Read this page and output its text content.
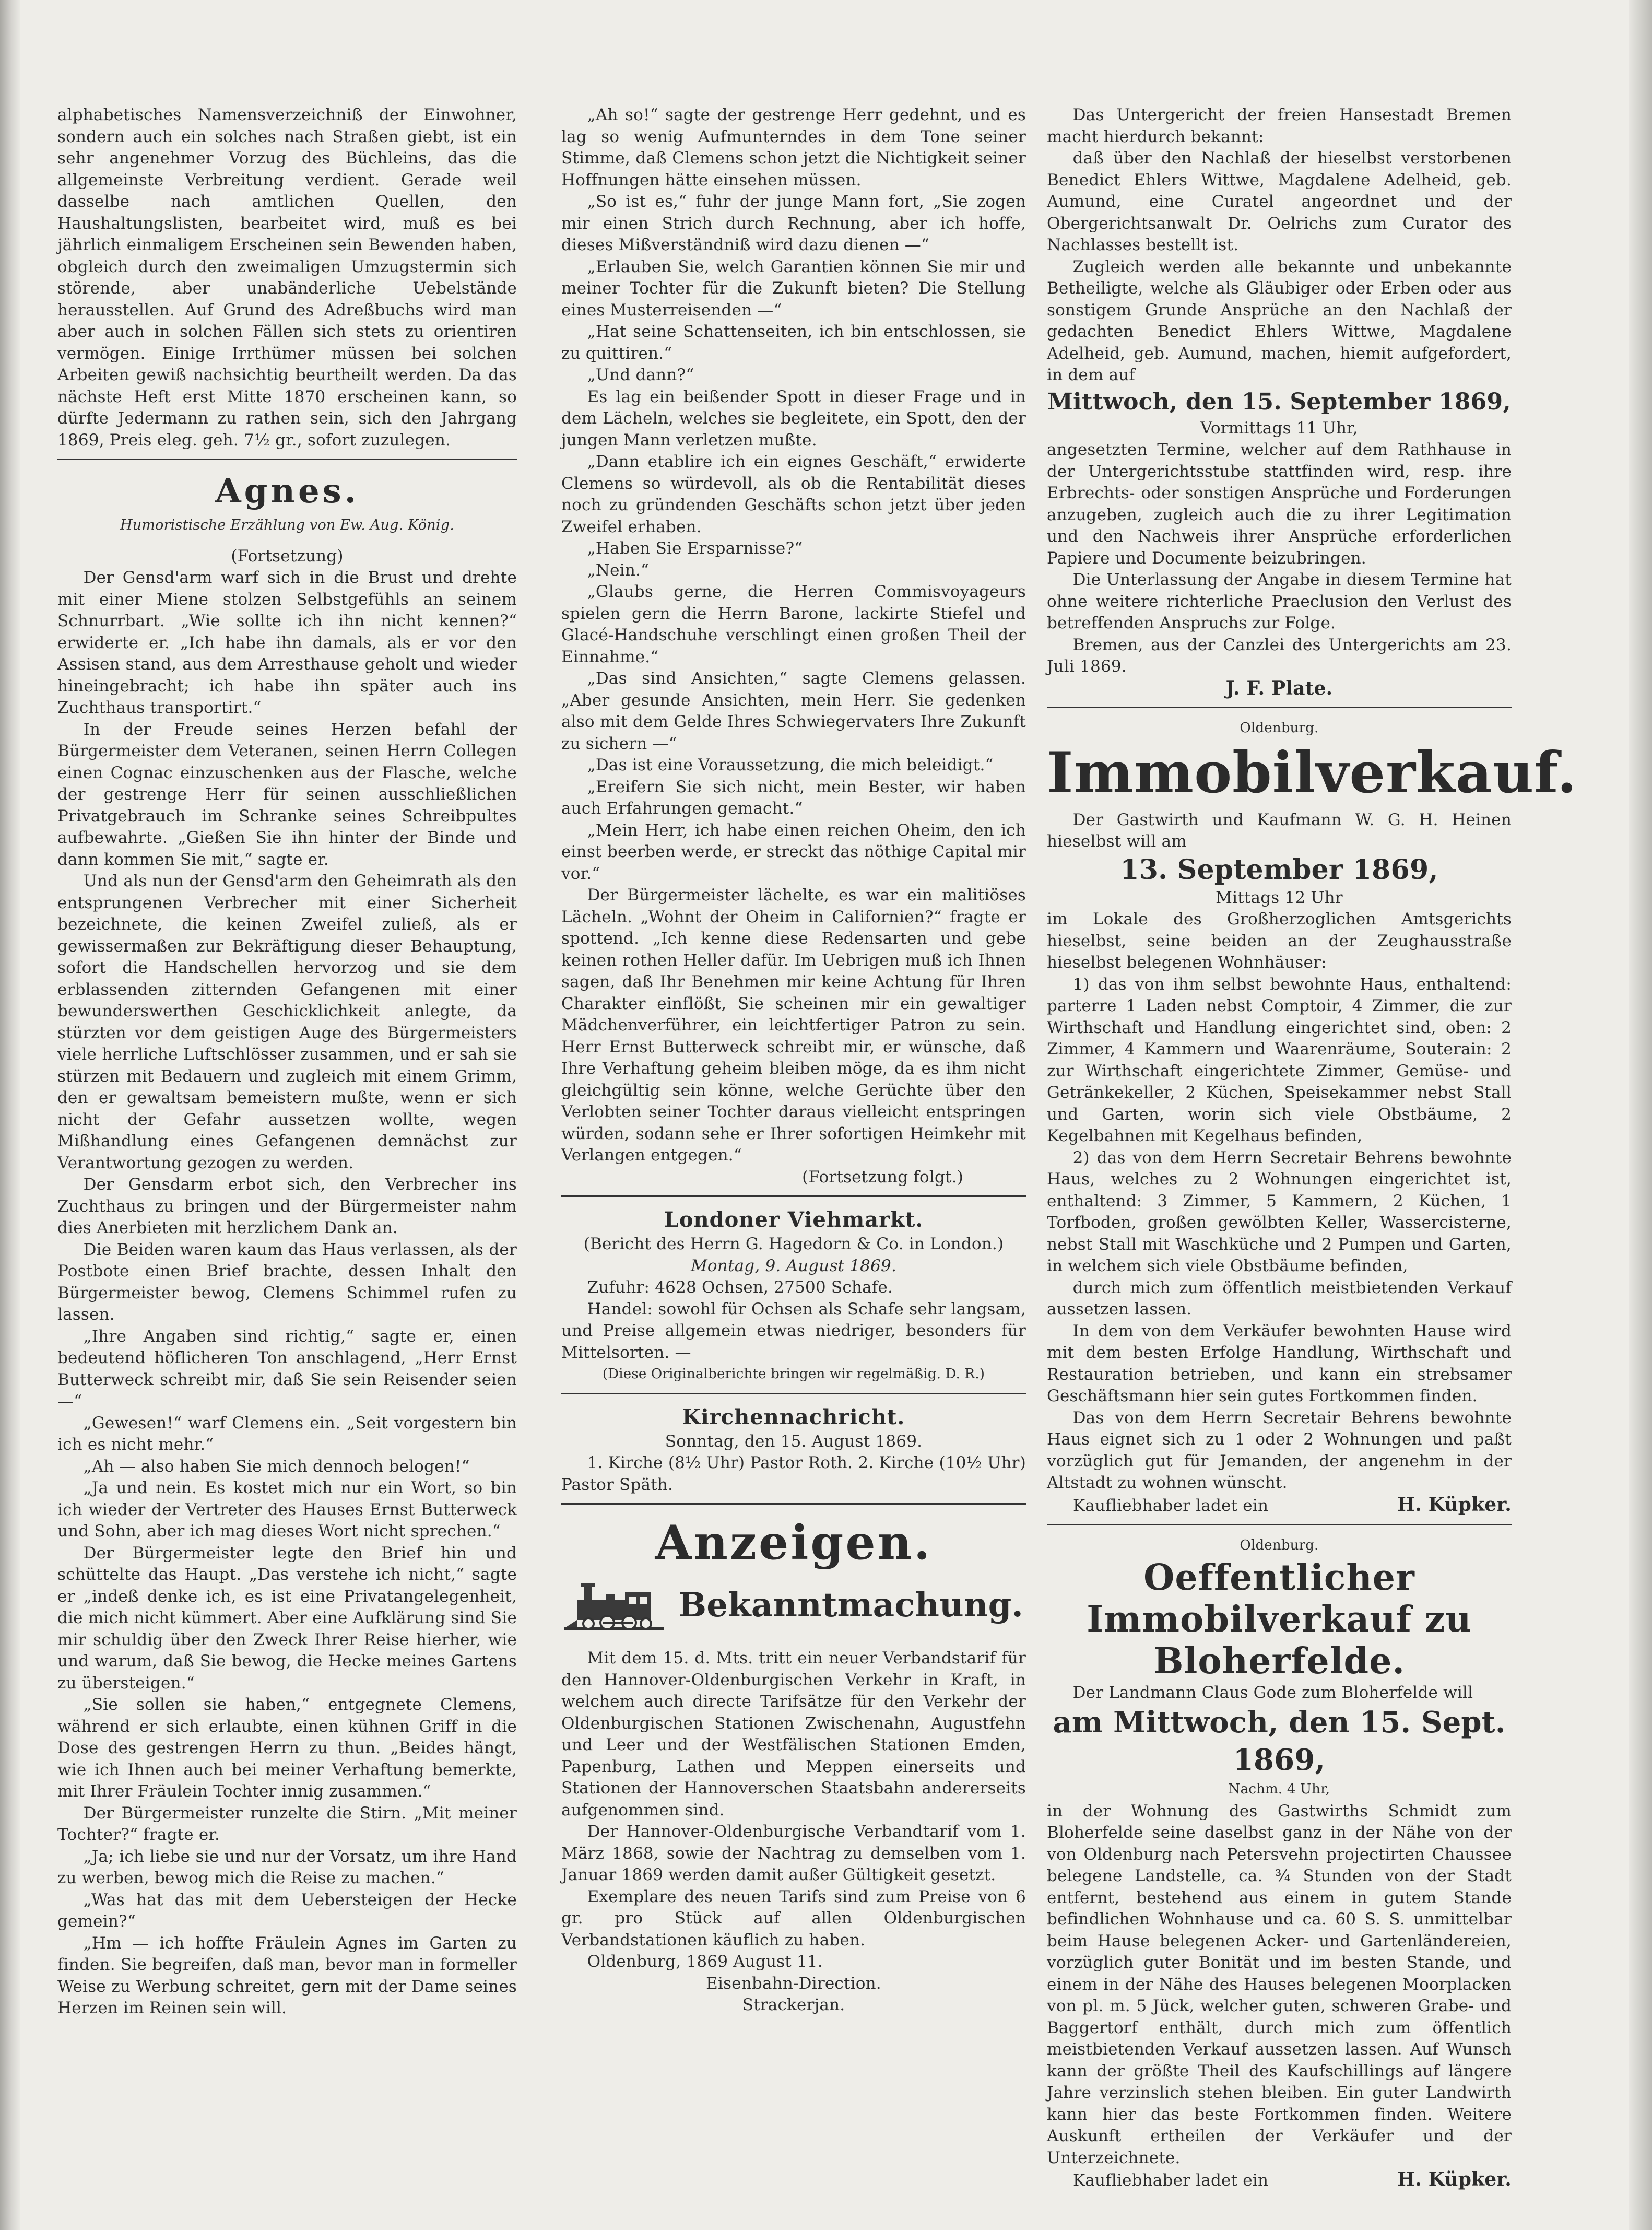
alphabetisches Namensverzeichniß der Einwohner, sondern auch ein solches nach Straßen giebt, ist ein sehr angenehmer Vorzug des Büchleins, das die allgemeinste Verbreitung verdient. Gerade weil dasselbe nach amtlichen Quellen, den Haushaltungslisten, bearbeitet wird, muß es bei jährlich einmaligem Erscheinen sein Bewenden haben, obgleich durch den zweimaligen Umzugstermin sich störende, aber unabänderliche Uebelstände herausstellen. Auf Grund des Adreßbuchs wird man aber auch in solchen Fällen sich stets zu orientiren vermögen. Einige Irrthümer müssen bei solchen Arbeiten gewiß nachsichtig beurtheilt werden. Da das nächste Heft erst Mitte 1870 erscheinen kann, so dürfte Jedermann zu rathen sein, sich den Jahrgang 1869, Preis eleg. geh. 7½ gr., sofort zuzulegen.

Agnes.
Humoristische Erzählung von Ew. Aug. König.
(Fortsetzung)

Der Gensd'arm warf sich in die Brust und drehte mit einer Miene stolzen Selbstgefühls an seinem Schnurrbart. „Wie sollte ich ihn nicht kennen?“ erwiderte er. „Ich habe ihn damals, als er vor den Assisen stand, aus dem Arresthause geholt und wieder hineingebracht; ich habe ihn später auch ins Zuchthaus transportirt.“

In der Freude seines Herzen befahl der Bürgermeister dem Veteranen, seinen Herrn Collegen einen Cognac einzuschenken aus der Flasche, welche der gestrenge Herr für seinen ausschließlichen Privatgebrauch im Schranke seines Schreibpultes aufbewahrte. „Gießen Sie ihn hinter der Binde und dann kommen Sie mit,“ sagte er.

Und als nun der Gensd'arm den Geheimrath als den entsprungenen Verbrecher mit einer Sicherheit bezeichnete, die keinen Zweifel zuließ, als er gewissermaßen zur Bekräftigung dieser Behauptung, sofort die Handschellen hervorzog und sie dem erblassenden zitternden Gefangenen mit einer bewunderswerthen Geschicklichkeit anlegte, da stürzten vor dem geistigen Auge des Bürgermeisters viele herrliche Luftschlösser zusammen, und er sah sie stürzen mit Bedauern und zugleich mit einem Grimm, den er gewaltsam bemeistern mußte, wenn er sich nicht der Gefahr aussetzen wollte, wegen Mißhandlung eines Gefangenen demnächst zur Verantwortung gezogen zu werden.

Der Gensdarm erbot sich, den Verbrecher ins Zuchthaus zu bringen und der Bürgermeister nahm dies Anerbieten mit herzlichem Dank an.

Die Beiden waren kaum das Haus verlassen, als der Postbote einen Brief brachte, dessen Inhalt den Bürgermeister bewog, Clemens Schimmel rufen zu lassen.

„Ihre Angaben sind richtig,“ sagte er, einen bedeutend höflicheren Ton anschlagend, „Herr Ernst Butterweck schreibt mir, daß Sie sein Reisender seien —“

„Gewesen!“ warf Clemens ein. „Seit vorgestern bin ich es nicht mehr.“

„Ah — also haben Sie mich dennoch belogen!“

„Ja und nein. Es kostet mich nur ein Wort, so bin ich wieder der Vertreter des Hauses Ernst Butterweck und Sohn, aber ich mag dieses Wort nicht sprechen.“

Der Bürgermeister legte den Brief hin und schüttelte das Haupt. „Das verstehe ich nicht,“ sagte er „indeß denke ich, es ist eine Privatangelegenheit, die mich nicht kümmert. Aber eine Aufklärung sind Sie mir schuldig über den Zweck Ihrer Reise hierher, wie und warum, daß Sie bewog, die Hecke meines Gartens zu übersteigen.“

„Sie sollen sie haben,“ entgegnete Clemens, während er sich erlaubte, einen kühnen Griff in die Dose des gestrengen Herrn zu thun. „Beides hängt, wie ich Ihnen auch bei meiner Verhaftung bemerkte, mit Ihrer Fräulein Tochter innig zusammen.“

Der Bürgermeister runzelte die Stirn. „Mit meiner Tochter?“ fragte er.

„Ja; ich liebe sie und nur der Vorsatz, um ihre Hand zu werben, bewog mich die Reise zu machen.“

„Was hat das mit dem Uebersteigen der Hecke gemein?“

„Hm — ich hoffte Fräulein Agnes im Garten zu finden. Sie begreifen, daß man, bevor man in formeller Weise zu Werbung schreitet, gern mit der Dame seines Herzen im Reinen sein will.

„Ah so!“ sagte der gestrenge Herr gedehnt, und es lag so wenig Aufmunterndes in dem Tone seiner Stimme, daß Clemens schon jetzt die Nichtigkeit seiner Hoffnungen hätte einsehen müssen.

„So ist es,“ fuhr der junge Mann fort, „Sie zogen mir einen Strich durch Rechnung, aber ich hoffe, dieses Mißverständniß wird dazu dienen —“

„Erlauben Sie, welch Garantien können Sie mir und meiner Tochter für die Zukunft bieten? Die Stellung eines Musterreisenden —“

„Hat seine Schattenseiten, ich bin entschlossen, sie zu quittiren.“

„Und dann?“

Es lag ein beißender Spott in dieser Frage und in dem Lächeln, welches sie begleitete, ein Spott, den der jungen Mann verletzen mußte.

„Dann etablire ich ein eignes Geschäft,“ erwiderte Clemens so würdevoll, als ob die Rentabilität dieses noch zu gründenden Geschäfts schon jetzt über jeden Zweifel erhaben.

„Haben Sie Ersparnisse?“

„Nein.“

„Glaubs gerne, die Herren Commisvoyageurs spielen gern die Herrn Barone, lackirte Stiefel und Glacé-Handschuhe verschlingt einen großen Theil der Einnahme.“

„Das sind Ansichten,“ sagte Clemens gelassen. „Aber gesunde Ansichten, mein Herr. Sie gedenken also mit dem Gelde Ihres Schwiegervaters Ihre Zukunft zu sichern —“

„Das ist eine Voraussetzung, die mich beleidigt.“

„Ereifern Sie sich nicht, mein Bester, wir haben auch Erfahrungen gemacht.“

„Mein Herr, ich habe einen reichen Oheim, den ich einst beerben werde, er streckt das nöthige Capital mir vor.“

Der Bürgermeister lächelte, es war ein malitiöses Lächeln. „Wohnt der Oheim in Californien?“ fragte er spottend. „Ich kenne diese Redensarten und gebe keinen rothen Heller dafür. Im Uebrigen muß ich Ihnen sagen, daß Ihr Benehmen mir keine Achtung für Ihren Charakter einflößt, Sie scheinen mir ein gewaltiger Mädchenverführer, ein leichtfertiger Patron zu sein. Herr Ernst Butterweck schreibt mir, er wünsche, daß Ihre Verhaftung geheim bleiben möge, da es ihm nicht gleichgültig sein könne, welche Gerüchte über den Verlobten seiner Tochter daraus vielleicht entspringen würden, sodann sehe er Ihrer sofortigen Heimkehr mit Verlangen entgegen.“

(Fortsetzung folgt.)
Londoner Viehmarkt.
(Bericht des Herrn G. Hagedorn & Co. in London.)
Montag, 9. August 1869.

Zufuhr: 4628 Ochsen, 27500 Schafe.

Handel: sowohl für Ochsen als Schafe sehr langsam, und Preise allgemein etwas niedriger, besonders für Mittelsorten. —

(Diese Originalberichte bringen wir regelmäßig. D. R.)
Kirchennachricht.
Sonntag, den 15. August 1869.

1. Kirche (8½ Uhr) Pastor Roth. 2. Kirche (10½ Uhr) Pastor Späth.

Anzeigen.
Bekanntmachung.

Mit dem 15. d. Mts. tritt ein neuer Verbandstarif für den Hannover-Oldenburgischen Verkehr in Kraft, in welchem auch directe Tarifsätze für den Verkehr der Oldenburgischen Stationen Zwischenahn, Augustfehn und Leer und der Westfälischen Stationen Emden, Papenburg, Lathen und Meppen einerseits und Stationen der Hannoverschen Staatsbahn andererseits aufgenommen sind.

Der Hannover-Oldenburgische Verbandtarif vom 1. März 1868, sowie der Nachtrag zu demselben vom 1. Januar 1869 werden damit außer Gültigkeit gesetzt.

Exemplare des neuen Tarifs sind zum Preise von 6 gr. pro Stück auf allen Oldenburgischen Verbandstationen käuflich zu haben.

Oldenburg, 1869 August 11.

Eisenbahn-Direction.
Strackerjan.

Das Untergericht der freien Hansestadt Bremen macht hierdurch bekannt:

daß über den Nachlaß der hieselbst verstorbenen Benedict Ehlers Wittwe, Magdalene Adelheid, geb. Aumund, eine Curatel angeordnet und der Obergerichtsanwalt Dr. Oelrichs zum Curator des Nachlasses bestellt ist.

Zugleich werden alle bekannte und unbekannte Betheiligte, welche als Gläubiger oder Erben oder aus sonstigem Grunde Ansprüche an den Nachlaß der gedachten Benedict Ehlers Wittwe, Magdalene Adelheid, geb. Aumund, machen, hiemit aufgefordert, in dem auf

Mittwoch, den 15. September 1869,
Vormittags 11 Uhr,

angesetzten Termine, welcher auf dem Rathhause in der Untergerichtsstube stattfinden wird, resp. ihre Erbrechts- oder sonstigen Ansprüche und Forderungen anzugeben, zugleich auch die zu ihrer Legitimation und den Nachweis ihrer Ansprüche erforderlichen Papiere und Documente beizubringen.

Die Unterlassung der Angabe in diesem Termine hat ohne weitere richterliche Praeclusion den Verlust des betreffenden Anspruchs zur Folge.

Bremen, aus der Canzlei des Untergerichts am 23. Juli 1869.

J. F. Plate.
Oldenburg.
Immobilverkauf.

Der Gastwirth und Kaufmann W. G. H. Heinen hieselbst will am

13. September 1869,
Mittags 12 Uhr

im Lokale des Großherzoglichen Amtsgerichts hieselbst, seine beiden an der Zeughausstraße hieselbst belegenen Wohnhäuser:

1) das von ihm selbst bewohnte Haus, enthaltend: parterre 1 Laden nebst Comptoir, 4 Zimmer, die zur Wirthschaft und Handlung eingerichtet sind, oben: 2 Zimmer, 4 Kammern und Waarenräume, Souterain: 2 zur Wirthschaft eingerichtete Zimmer, Gemüse- und Getränkekeller, 2 Küchen, Speisekammer nebst Stall und Garten, worin sich viele Obstbäume, 2 Kegelbahnen mit Kegelhaus befinden,

2) das von dem Herrn Secretair Behrens bewohnte Haus, welches zu 2 Wohnungen eingerichtet ist, enthaltend: 3 Zimmer, 5 Kammern, 2 Küchen, 1 Torfboden, großen gewölbten Keller, Wassercisterne, nebst Stall mit Waschküche und 2 Pumpen und Garten, in welchem sich viele Obstbäume befinden,

durch mich zum öffentlich meistbietenden Verkauf aussetzen lassen.

In dem von dem Verkäufer bewohnten Hause wird mit dem besten Erfolge Handlung, Wirthschaft und Restauration betrieben, und kann ein strebsamer Geschäftsmann hier sein gutes Fortkommen finden.

Das von dem Herrn Secretair Behrens bewohnte Haus eignet sich zu 1 oder 2 Wohnungen und paßt vorzüglich gut für Jemanden, der angenehm in der Altstadt zu wohnen wünscht.

Kaufliebhaber ladet ein	H. Küpker.
Oldenburg.
Oeffentlicher Immobilverkauf zu Bloherfelde.

Der Landmann Claus Gode zum Bloherfelde will

am Mittwoch, den 15. Sept. 1869,
Nachm. 4 Uhr,

in der Wohnung des Gastwirths Schmidt zum Bloherfelde seine daselbst ganz in der Nähe von der von Oldenburg nach Petersvehn projectirten Chaussee belegene Landstelle, ca. ¾ Stunden von der Stadt entfernt, bestehend aus einem in gutem Stande befindlichen Wohnhause und ca. 60 S. S. unmittelbar beim Hause belegenen Acker- und Gartenländereien, vorzüglich guter Bonität und im besten Stande, und einem in der Nähe des Hauses belegenen Moorplacken von pl. m. 5 Jück, welcher guten, schweren Grabe- und Baggertorf enthält, durch mich zum öffentlich meistbietenden Verkauf aussetzen lassen. Auf Wunsch kann der größte Theil des Kaufschillings auf längere Jahre verzinslich stehen bleiben. Ein guter Landwirth kann hier das beste Fortkommen finden. Weitere Auskunft ertheilen der Verkäufer und der Unterzeichnete.

Kaufliebhaber ladet ein	H. Küpker.
